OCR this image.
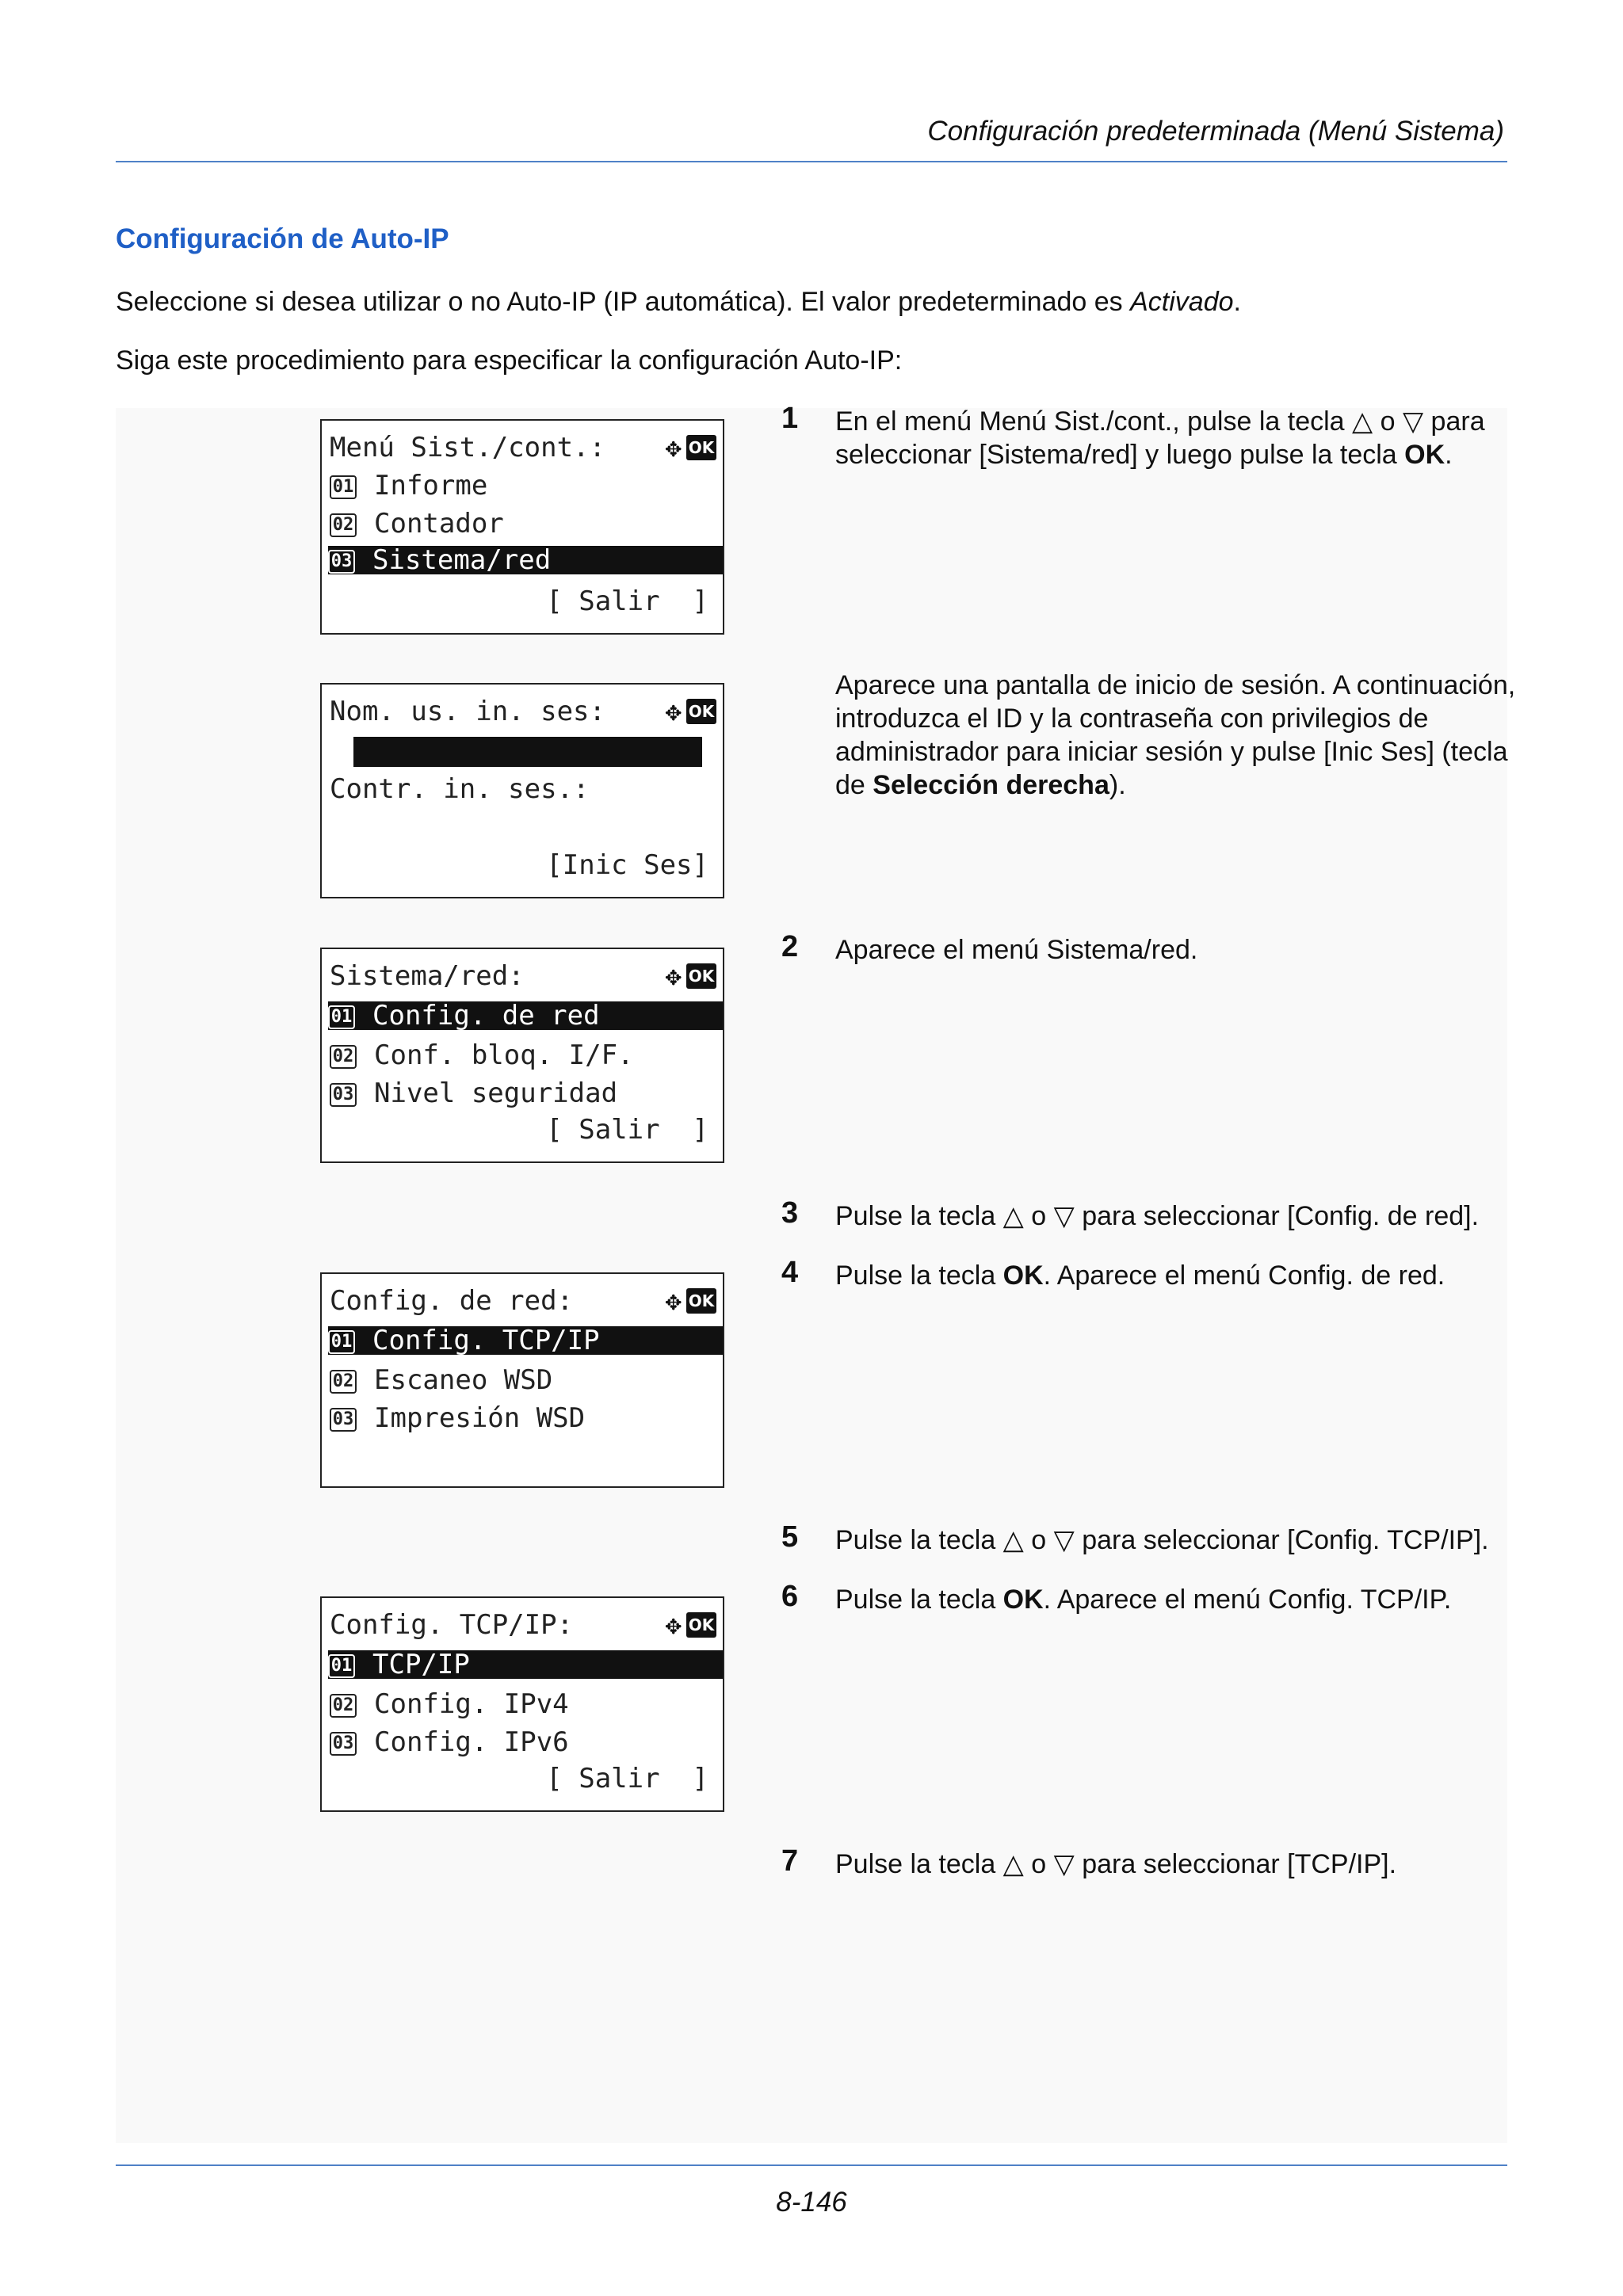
Configuración predeterminada (Menú Sistema)
Configuración de Auto-IP
Seleccione si desea utilizar o no Auto-IP (IP automática). El valor predeterminado es Activado.
Siga este procedimiento para especificar la configuración Auto-IP:
Menú Sist./cont.:	✥ OK
01 Informe
02 Contador
03 Sistema/red
[ Salir  ]
Nom. us. in. ses:	✥ OK
Contr. in. ses.:
[Inic Ses]
Sistema/red:	✥ OK
01 Config. de red
02 Conf. bloq. I/F.
03 Nivel seguridad
[ Salir  ]
Config. de red:	✥ OK
01 Config. TCP/IP
02 Escaneo WSD
03 Impresión WSD
Config. TCP/IP:	✥ OK
01 TCP/IP
02 Config. IPv4
03 Config. IPv6
[ Salir  ]
1 En el menú Menú Sist./cont., pulse la tecla △ o ▽ para seleccionar [Sistema/red] y luego pulse la tecla OK.
Aparece una pantalla de inicio de sesión. A continuación, introduzca el ID y la contraseña con privilegios de administrador para iniciar sesión y pulse [Inic Ses] (tecla de Selección derecha).
2 Aparece el menú Sistema/red.
3 Pulse la tecla △ o ▽ para seleccionar [Config. de red].
4 Pulse la tecla OK. Aparece el menú Config. de red.
5 Pulse la tecla △ o ▽ para seleccionar [Config. TCP/IP].
6 Pulse la tecla OK. Aparece el menú Config. TCP/IP.
7 Pulse la tecla △ o ▽ para seleccionar [TCP/IP].
8-146
